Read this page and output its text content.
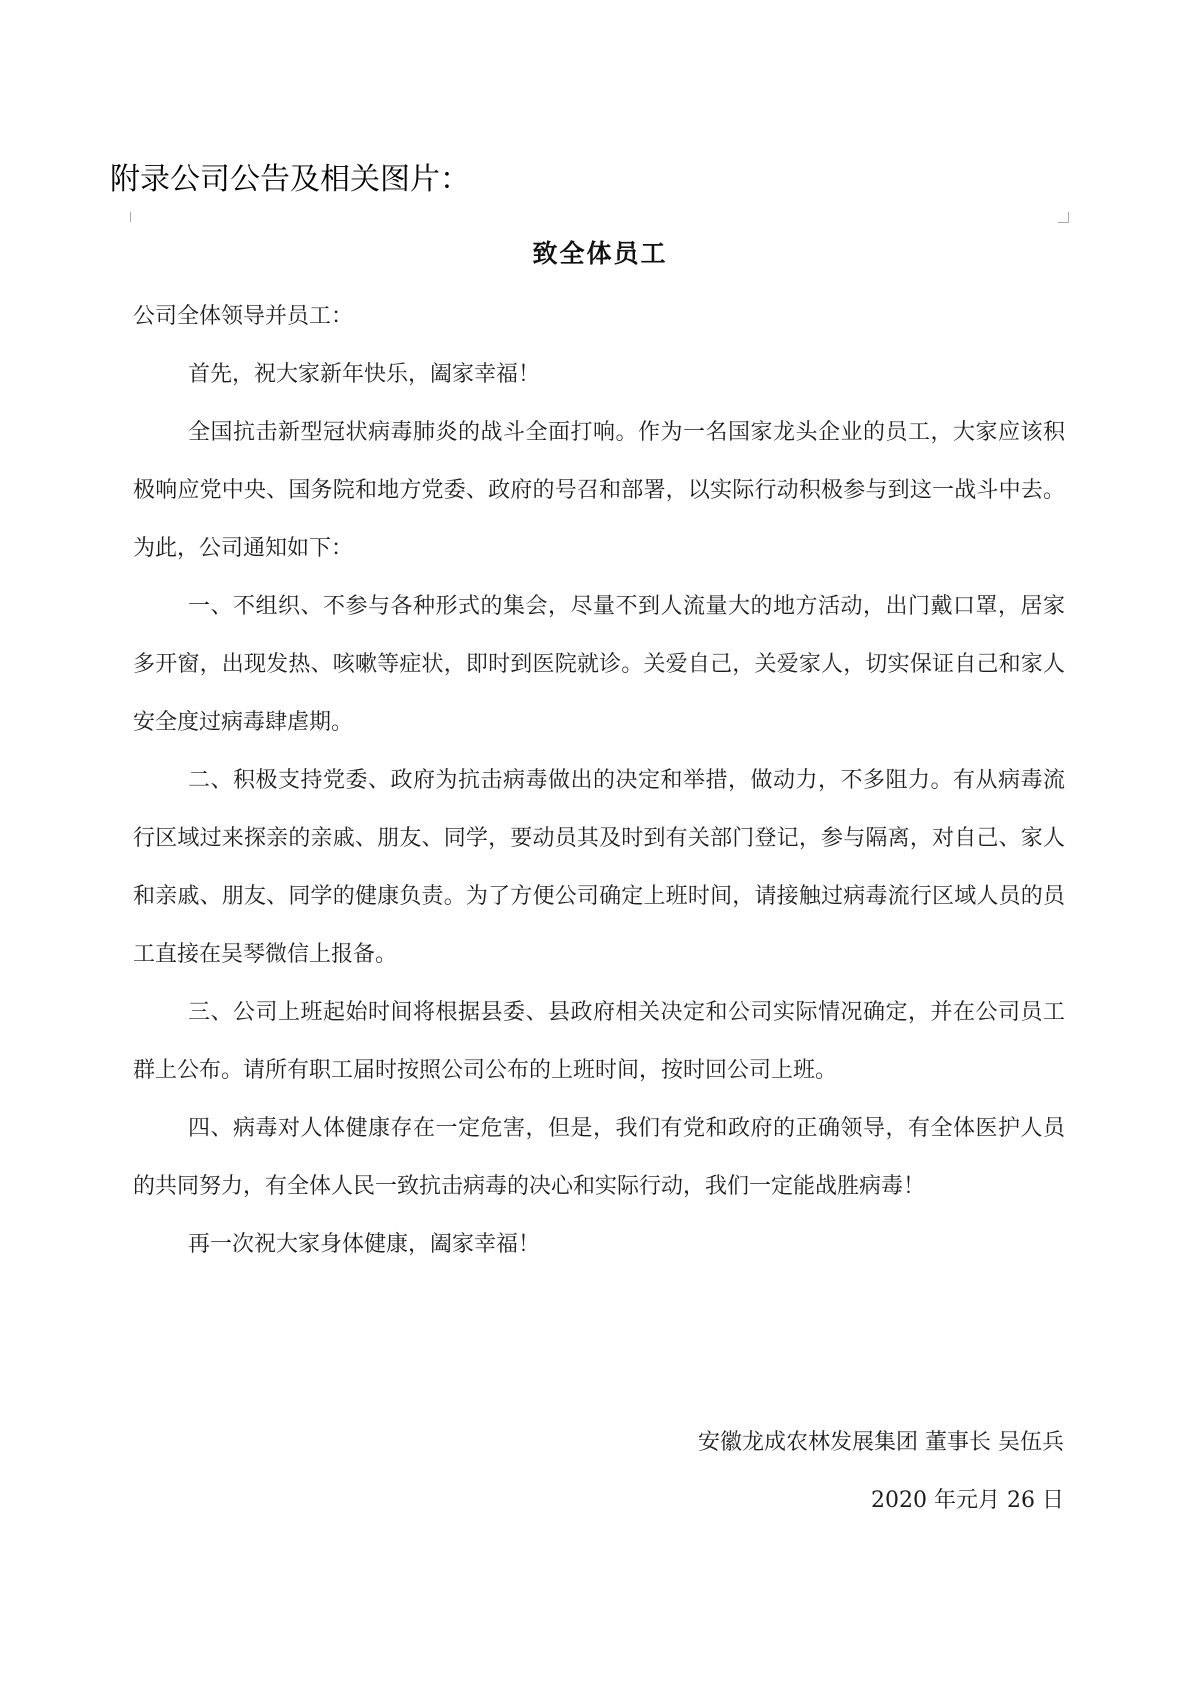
附录公司公告及相关图片：
致全体员工

公司全体领导并员工：

首先，祝大家新年快乐，阖家幸福！

全国抗击新型冠状病毒肺炎的战斗全面打响。作为一名国家龙头企业的员工，大家应该积极响应党中央、国务院和地方党委、政府的号召和部署，以实际行动积极参与到这一战斗中去。为此，公司通知如下：

一、不组织、不参与各种形式的集会，尽量不到人流量大的地方活动，出门戴口罩，居家多开窗，出现发热、咳嗽等症状，即时到医院就诊。关爱自己，关爱家人，切实保证自己和家人安全度过病毒肆虐期。

二、积极支持党委、政府为抗击病毒做出的决定和举措，做动力，不多阻力。有从病毒流行区域过来探亲的亲戚、朋友、同学，要动员其及时到有关部门登记，参与隔离，对自己、家人和亲戚、朋友、同学的健康负责。为了方便公司确定上班时间，请接触过病毒流行区域人员的员工直接在吴琴微信上报备。

三、公司上班起始时间将根据县委、县政府相关决定和公司实际情况确定，并在公司员工群上公布。请所有职工届时按照公司公布的上班时间，按时回公司上班。

四、病毒对人体健康存在一定危害，但是，我们有党和政府的正确领导，有全体医护人员的共同努力，有全体人民一致抗击病毒的决心和实际行动，我们一定能战胜病毒！

再一次祝大家身体健康，阖家幸福！

安徽龙成农林发展集团 董事长 吴伍兵
2020 年元月 26 日
